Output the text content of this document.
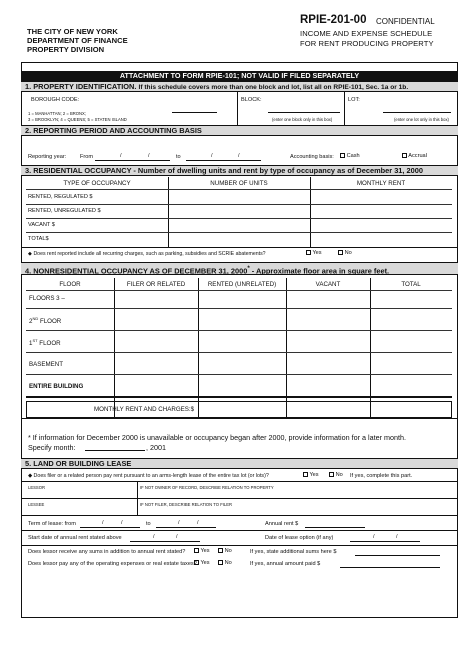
THE CITY OF NEW YORK
DEPARTMENT OF FINANCE
PROPERTY DIVISION
RPIE-201-00 CONFIDENTIAL
INCOME AND EXPENSE SCHEDULE
FOR RENT PRODUCING PROPERTY
ATTACHMENT TO FORM RPIE-101; NOT VALID IF FILED SEPARATELY
1. PROPERTY IDENTIFICATION. If this schedule covers more than one block and lot, list all on RPIE-101, Sec. 1a or 1b.
BOROUGH CODE:
1 = MANHATTAN; 2 = BRONX;
3 = BROOKLYN; 4 = QUEENS; 5 = STATEN ISLAND
BLOCK:
(enter one block only in this box)
LOT:
(enter one lot only in this box)
2. REPORTING PERIOD AND ACCOUNTING BASIS
Reporting year: From	/	/	to	/	/	Accounting basis:	Cash	Accrual
3. RESIDENTIAL OCCUPANCY - Number of dwelling units and rent by type of occupancy as of December 31, 2000
TYPE OF OCCUPANCY	NUMBER OF UNITS	MONTHLY RENT
RENTED, REGULATED $
RENTED, UNREGULATED $
VACANT $
TOTAL$
◆ Does rent reported include all recurring charges, such as parking, subsidies and SCRIE abatements?	Yes	No
4. NONRESIDENTIAL OCCUPANCY AS OF DECEMBER 31, 2000* - Approximate floor area in square feet.
FLOOR	FILER OR RELATED	RENTED (UNRELATED)	VACANT	TOTAL
FLOORS 3 –
2ND FLOOR
1ST FLOOR
BASEMENT
ENTIRE BUILDING
MONTHLY RENT AND CHARGES:$
* If information for December 2000 is unavailable or occupancy began after 2000, provide information for a later month.
Specify month:	, 2001
5. LAND OR BUILDING LEASE
◆ Does filer or a related person pay rent pursuant to an arms-length lease of the entire tax lot (or lots)?	Yes	No If yes, complete this part.
LESSOR	IF NOT OWNER OF RECORD, DESCRIBE RELATION TO PROPERTY
LESSEE	IF NOT FILER, DESCRIBE RELATION TO FILER
Term of lease: from	/	/	to	/	/	Annual rent $
Start date of annual rent stated above	/	/	Date of lease option (if any)	/	/
Does lessor receive any sums in addition to annual rent stated?	Yes	No	If yes, state additional sums here $
Does lessor pay any of the operating expenses or real estate taxes? Yes	No	If yes, annual amount paid $
